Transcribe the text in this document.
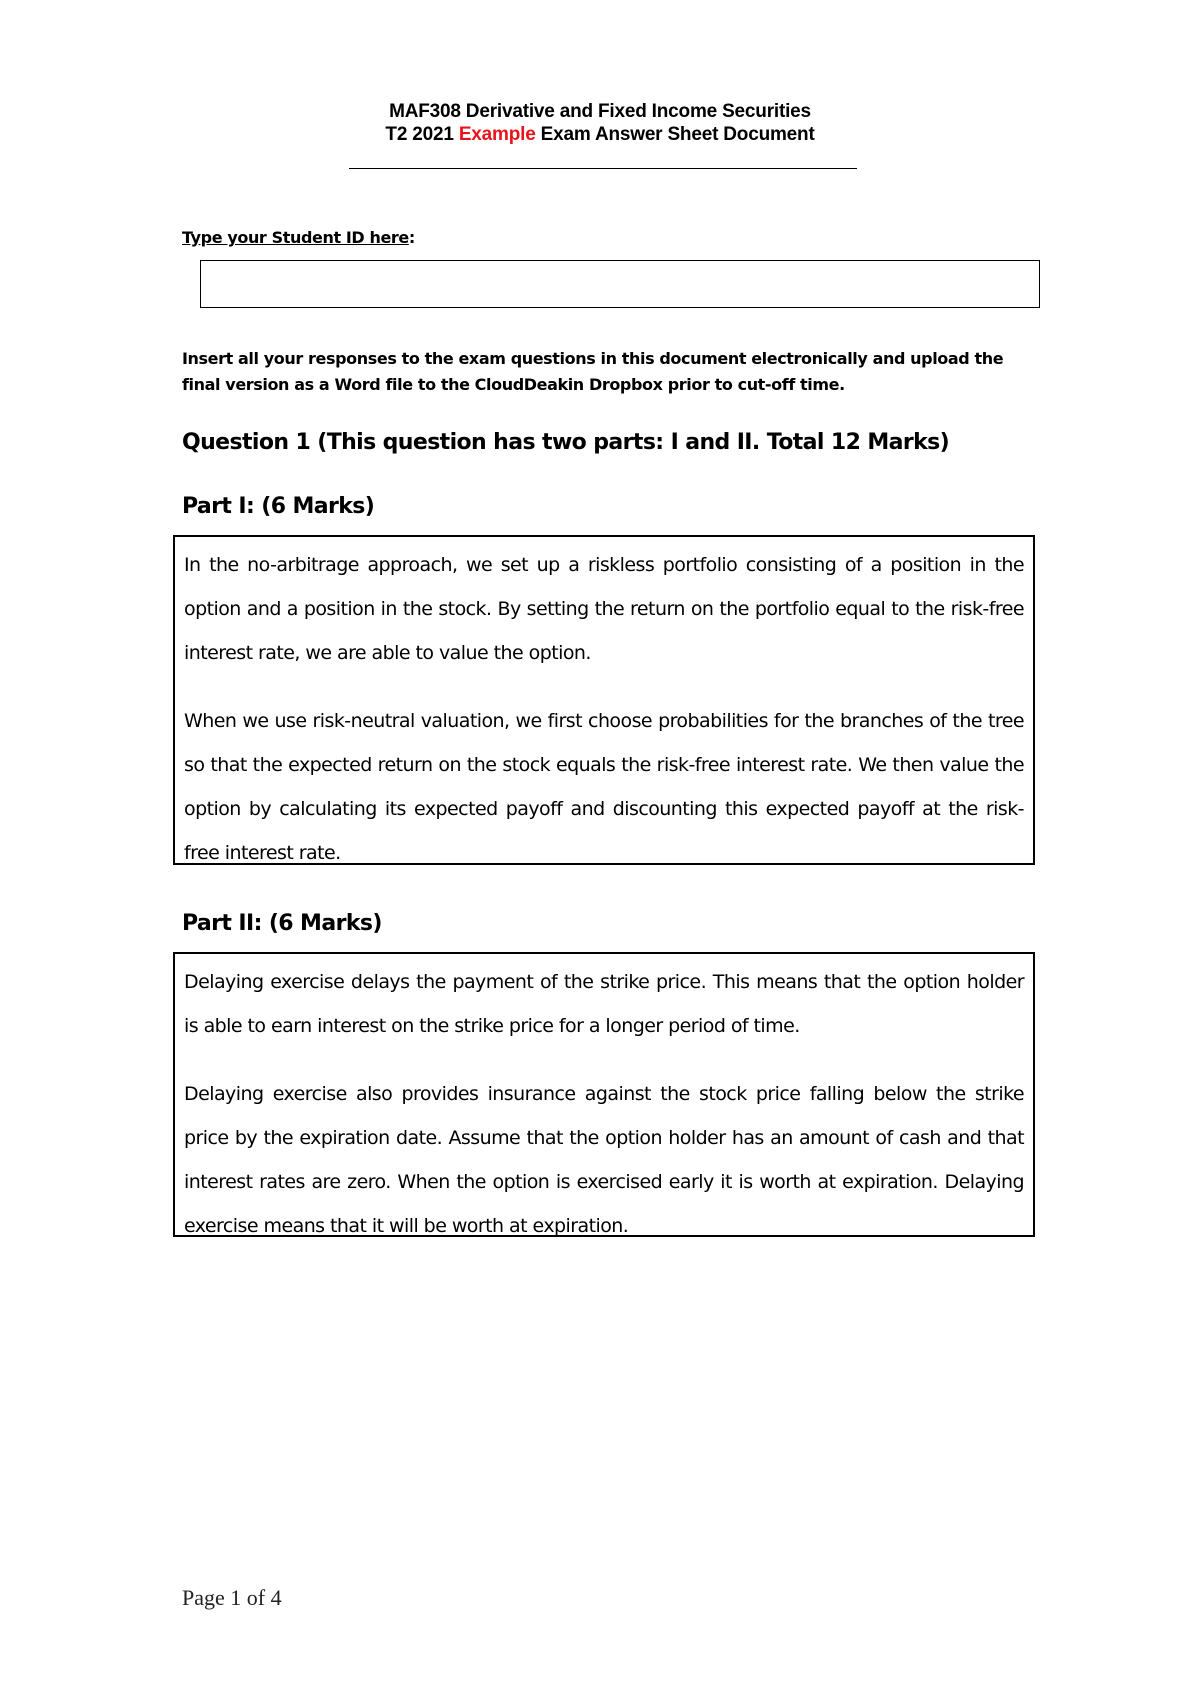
MAF308 Derivative and Fixed Income Securities
T2 2021 Example Exam Answer Sheet Document
Type your Student ID here:
Insert all your responses to the exam questions in this document electronically and upload the final version as a Word file to the CloudDeakin Dropbox prior to cut-off time.
Question 1 (This question has two parts: I and II. Total 12 Marks)
Part I: (6 Marks)

In the no-arbitrage approach, we set up a riskless portfolio consisting of a position in the option and a position in the stock. By setting the return on the portfolio equal to the risk-free interest rate, we are able to value the option.

When we use risk-neutral valuation, we first choose probabilities for the branches of the tree so that the expected return on the stock equals the risk-free interest rate. We then value the option by calculating its expected payoff and discounting this expected payoff at the risk-free interest rate.

Part II: (6 Marks)

Delaying exercise delays the payment of the strike price. This means that the option holder is able to earn interest on the strike price for a longer period of time.

Delaying exercise also provides insurance against the stock price falling below the strike price by the expiration date. Assume that the option holder has an amount of cash and that interest rates are zero. When the option is exercised early it is worth at expiration. Delaying exercise means that it will be worth at expiration.

Page 1 of 4
